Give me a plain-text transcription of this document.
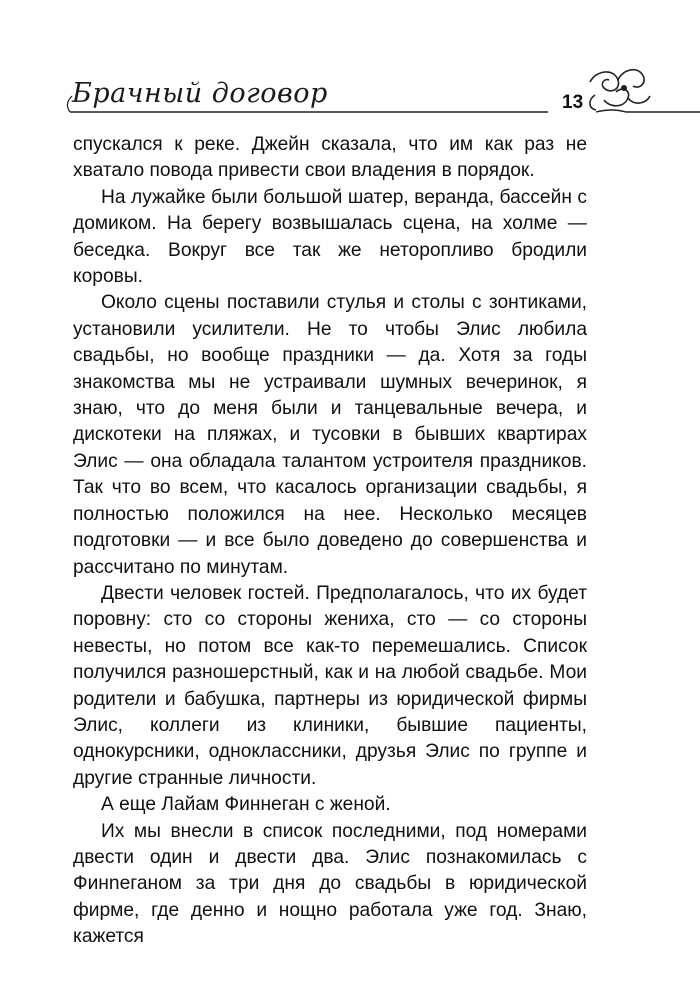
Брачный договор	13

спускался к реке. Джейн сказала, что им как раз не хватало повода привести свои владения в порядок.

На лужайке были большой шатер, веранда, бассейн с домиком. На берегу возвышалась сцена, на холме — беседка. Вокруг все так же неторопливо бродили коровы.

Около сцены поставили стулья и столы с зонтиками, установили усилители. Не то чтобы Элис любила свадьбы, но вообще праздники — да. Хотя за годы знакомства мы не устраивали шумных вечеринок, я знаю, что до меня были и танцевальные вечера, и дискотеки на пляжах, и тусовки в бывших квартирах Элис — она обладала талантом устроителя праздников. Так что во всем, что касалось организации свадьбы, я полностью положился на нее. Несколько месяцев подготовки — и все было доведено до совершенства и рассчитано по минутам.

Двести человек гостей. Предполагалось, что их будет поровну: сто со стороны жениха, сто — со стороны невесты, но потом все как-то перемешались. Список получился разношерстный, как и на любой свадьбе. Мои родители и бабушка, партнеры из юридической фирмы Элис, коллеги из клиники, бывшие пациенты, однокурсники, одноклассники, друзья Элис по группе и другие странные личности.

А еще Лайам Финнеган с женой.

Их мы внесли в список последними, под номерами двести один и двести два. Элис познакомилась с Финneганом за три дня до свадьбы в юридической фирме, где денно и нощно работала уже год. Знаю, кажется
